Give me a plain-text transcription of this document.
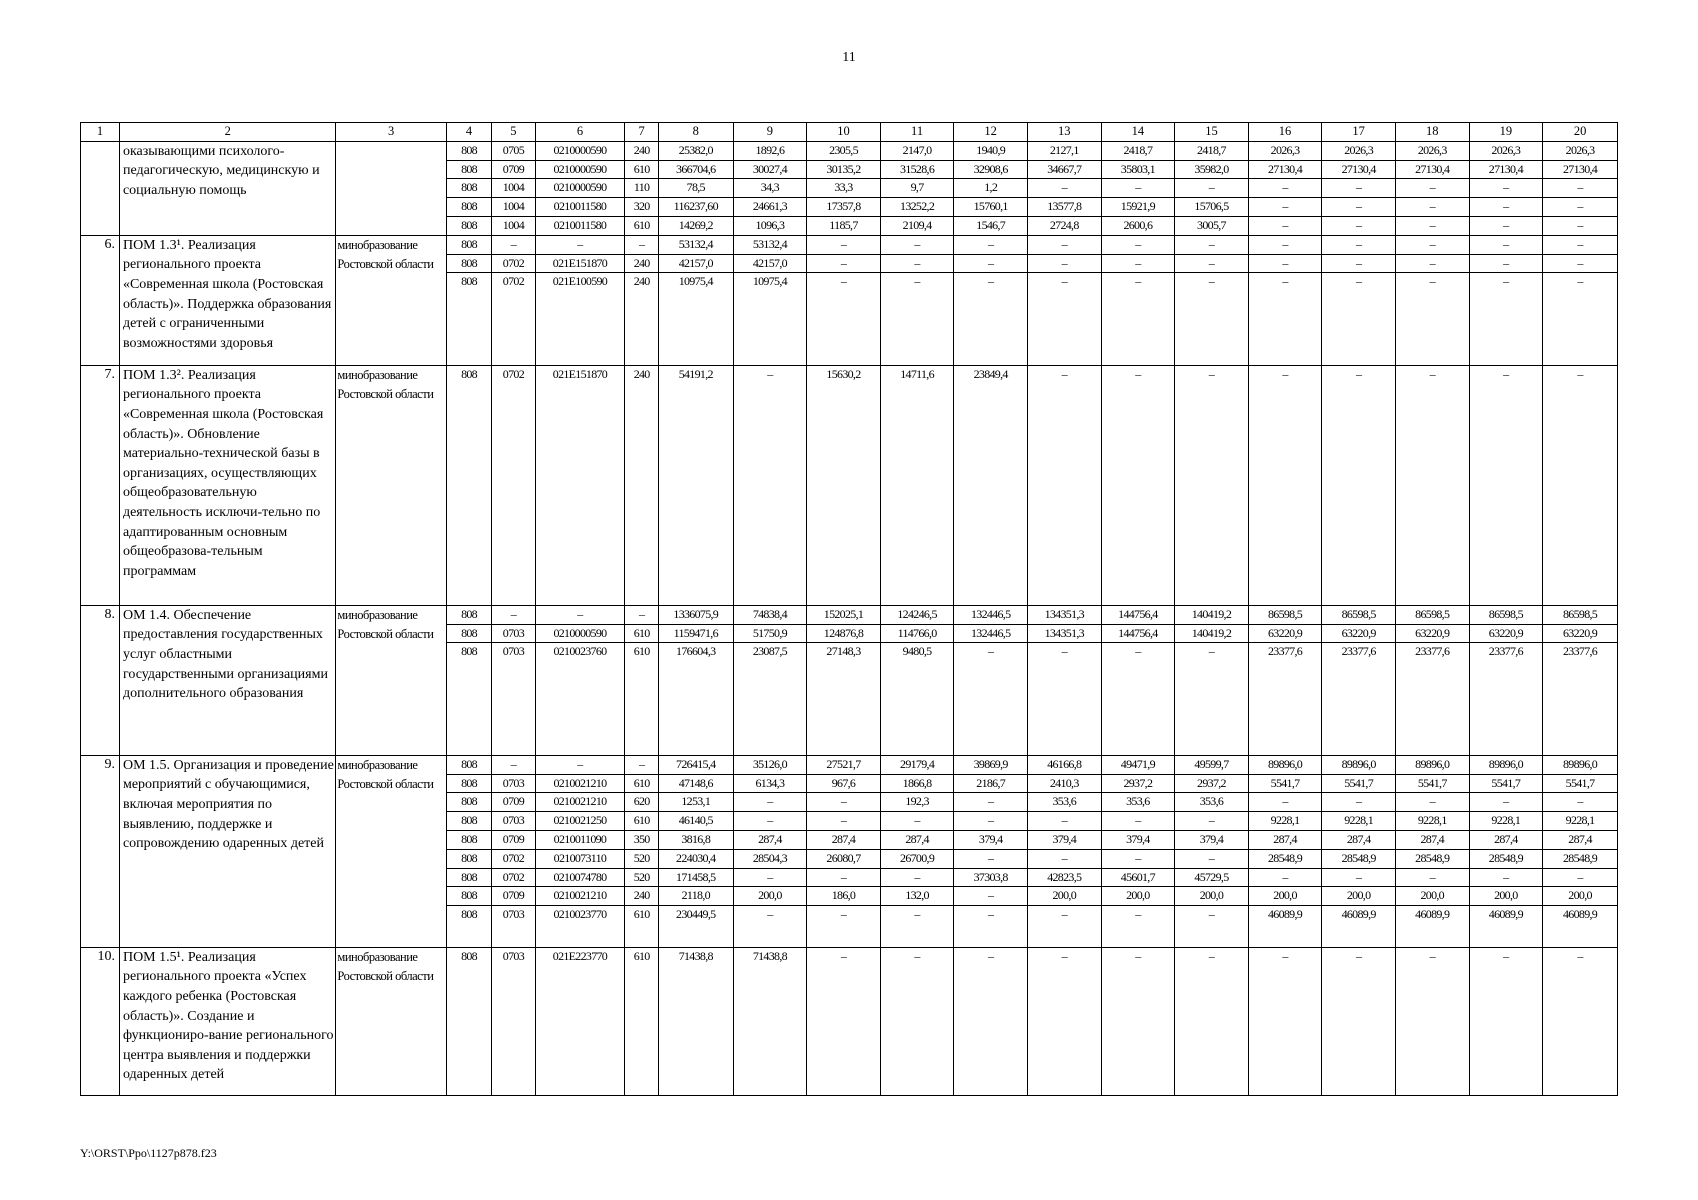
11
1	2	3	4	5	6	7	8	9	10	11	12	13	14	15	16	17	18	19	20
	оказывающими психолого-педагогическую, медицинскую и социальную помощь		808	0705	0210000590	240	25382,0	1892,6	2305,5	2147,0	1940,9	2127,1	2418,7	2418,7	2026,3	2026,3	2026,3	2026,3	2026,3
			808	0709	0210000590	610	366704,6	30027,4	30135,2	31528,6	32908,6	34667,7	35803,1	35982,0	27130,4	27130,4	27130,4	27130,4	27130,4
			808	1004	0210000590	110	78,5	34,3	33,3	9,7	1,2	–	–	–	–	–	–	–	–
			808	1004	0210011580	320	116237,60	24661,3	17357,8	13252,2	15760,1	13577,8	15921,9	15706,5	–	–	–	–	–
			808	1004	0210011580	610	14269,2	1096,3	1185,7	2109,4	1546,7	2724,8	2600,6	3005,7	–	–	–	–	–
6.	ПОМ 1.3¹. Реализация регионального проекта «Современная школа (Ростовская область)». Поддержка образования детей с ограниченными возможностями здоровья	минобразование Ростовской области	808	–	–	–	53132,4	53132,4	–	–	–	–	–	–	–	–	–	–	–
			808	0702	021E151870	240	42157,0	42157,0	–	–	–	–	–	–	–	–	–	–	–
			808	0702	021E100590	240	10975,4	10975,4	–	–	–	–	–	–	–	–	–	–	–
7.	ПОМ 1.3². Реализация регионального проекта «Современная школа (Ростовская область)». Обновление материально-технической базы в организациях, осуществляющих общеобразовательную деятельность исключи-тельно по адаптированным основным общеобразова-тельным программам	минобразование Ростовской области	808	0702	021E151870	240	54191,2	–	15630,2	14711,6	23849,4	–	–	–	–	–	–	–	–
8.	ОМ 1.4. Обеспечение предоставления государственных услуг областными государственными организациями дополнительного образования	минобразование Ростовской области	808	–	–	–	1336075,9	74838,4	152025,1	124246,5	132446,5	134351,3	144756,4	140419,2	86598,5	86598,5	86598,5	86598,5	86598,5
			808	0703	0210000590	610	1159471,6	51750,9	124876,8	114766,0	132446,5	134351,3	144756,4	140419,2	63220,9	63220,9	63220,9	63220,9	63220,9
			808	0703	0210023760	610	176604,3	23087,5	27148,3	9480,5	–	–	–	–	23377,6	23377,6	23377,6	23377,6	23377,6
9.	ОМ 1.5. Организация и проведение мероприятий с обучающимися, включая мероприятия по выявлению, поддержке и сопровождению одаренных детей	минобразование Ростовской области	808	–	–	–	726415,4	35126,0	27521,7	29179,4	39869,9	46166,8	49471,9	49599,7	89896,0	89896,0	89896,0	89896,0	89896,0
			808	0703	0210021210	610	47148,6	6134,3	967,6	1866,8	2186,7	2410,3	2937,2	2937,2	5541,7	5541,7	5541,7	5541,7	5541,7
			808	0709	0210021210	620	1253,1	–	–	192,3	–	353,6	353,6	353,6	–	–	–	–	–
			808	0703	0210021250	610	46140,5	–	–	–	–	–	–	–	9228,1	9228,1	9228,1	9228,1	9228,1
			808	0709	0210011090	350	3816,8	287,4	287,4	287,4	379,4	379,4	379,4	379,4	287,4	287,4	287,4	287,4	287,4
			808	0702	0210073110	520	224030,4	28504,3	26080,7	26700,9	–	–	–	–	28548,9	28548,9	28548,9	28548,9	28548,9
			808	0702	0210074780	520	171458,5	–	–	–	37303,8	42823,5	45601,7	45729,5	–	–	–	–	–
			808	0709	0210021210	240	2118,0	200,0	186,0	132,0	–	200,0	200,0	200,0	200,0	200,0	200,0	200,0	200,0
			808	0703	0210023770	610	230449,5	–	–	–	–	–	–	–	46089,9	46089,9	46089,9	46089,9	46089,9
10.	ПОМ 1.5¹. Реализация регионального проекта «Успех каждого ребенка (Ростовская область)». Создание и функциониро-вание регионального центра выявления и поддержки одаренных детей	минобразование Ростовской области	808	0703	021E223770	610	71438,8	71438,8	–	–	–	–	–	–	–	–	–	–	–
Y:\ORST\Ppo\1127p878.f23
